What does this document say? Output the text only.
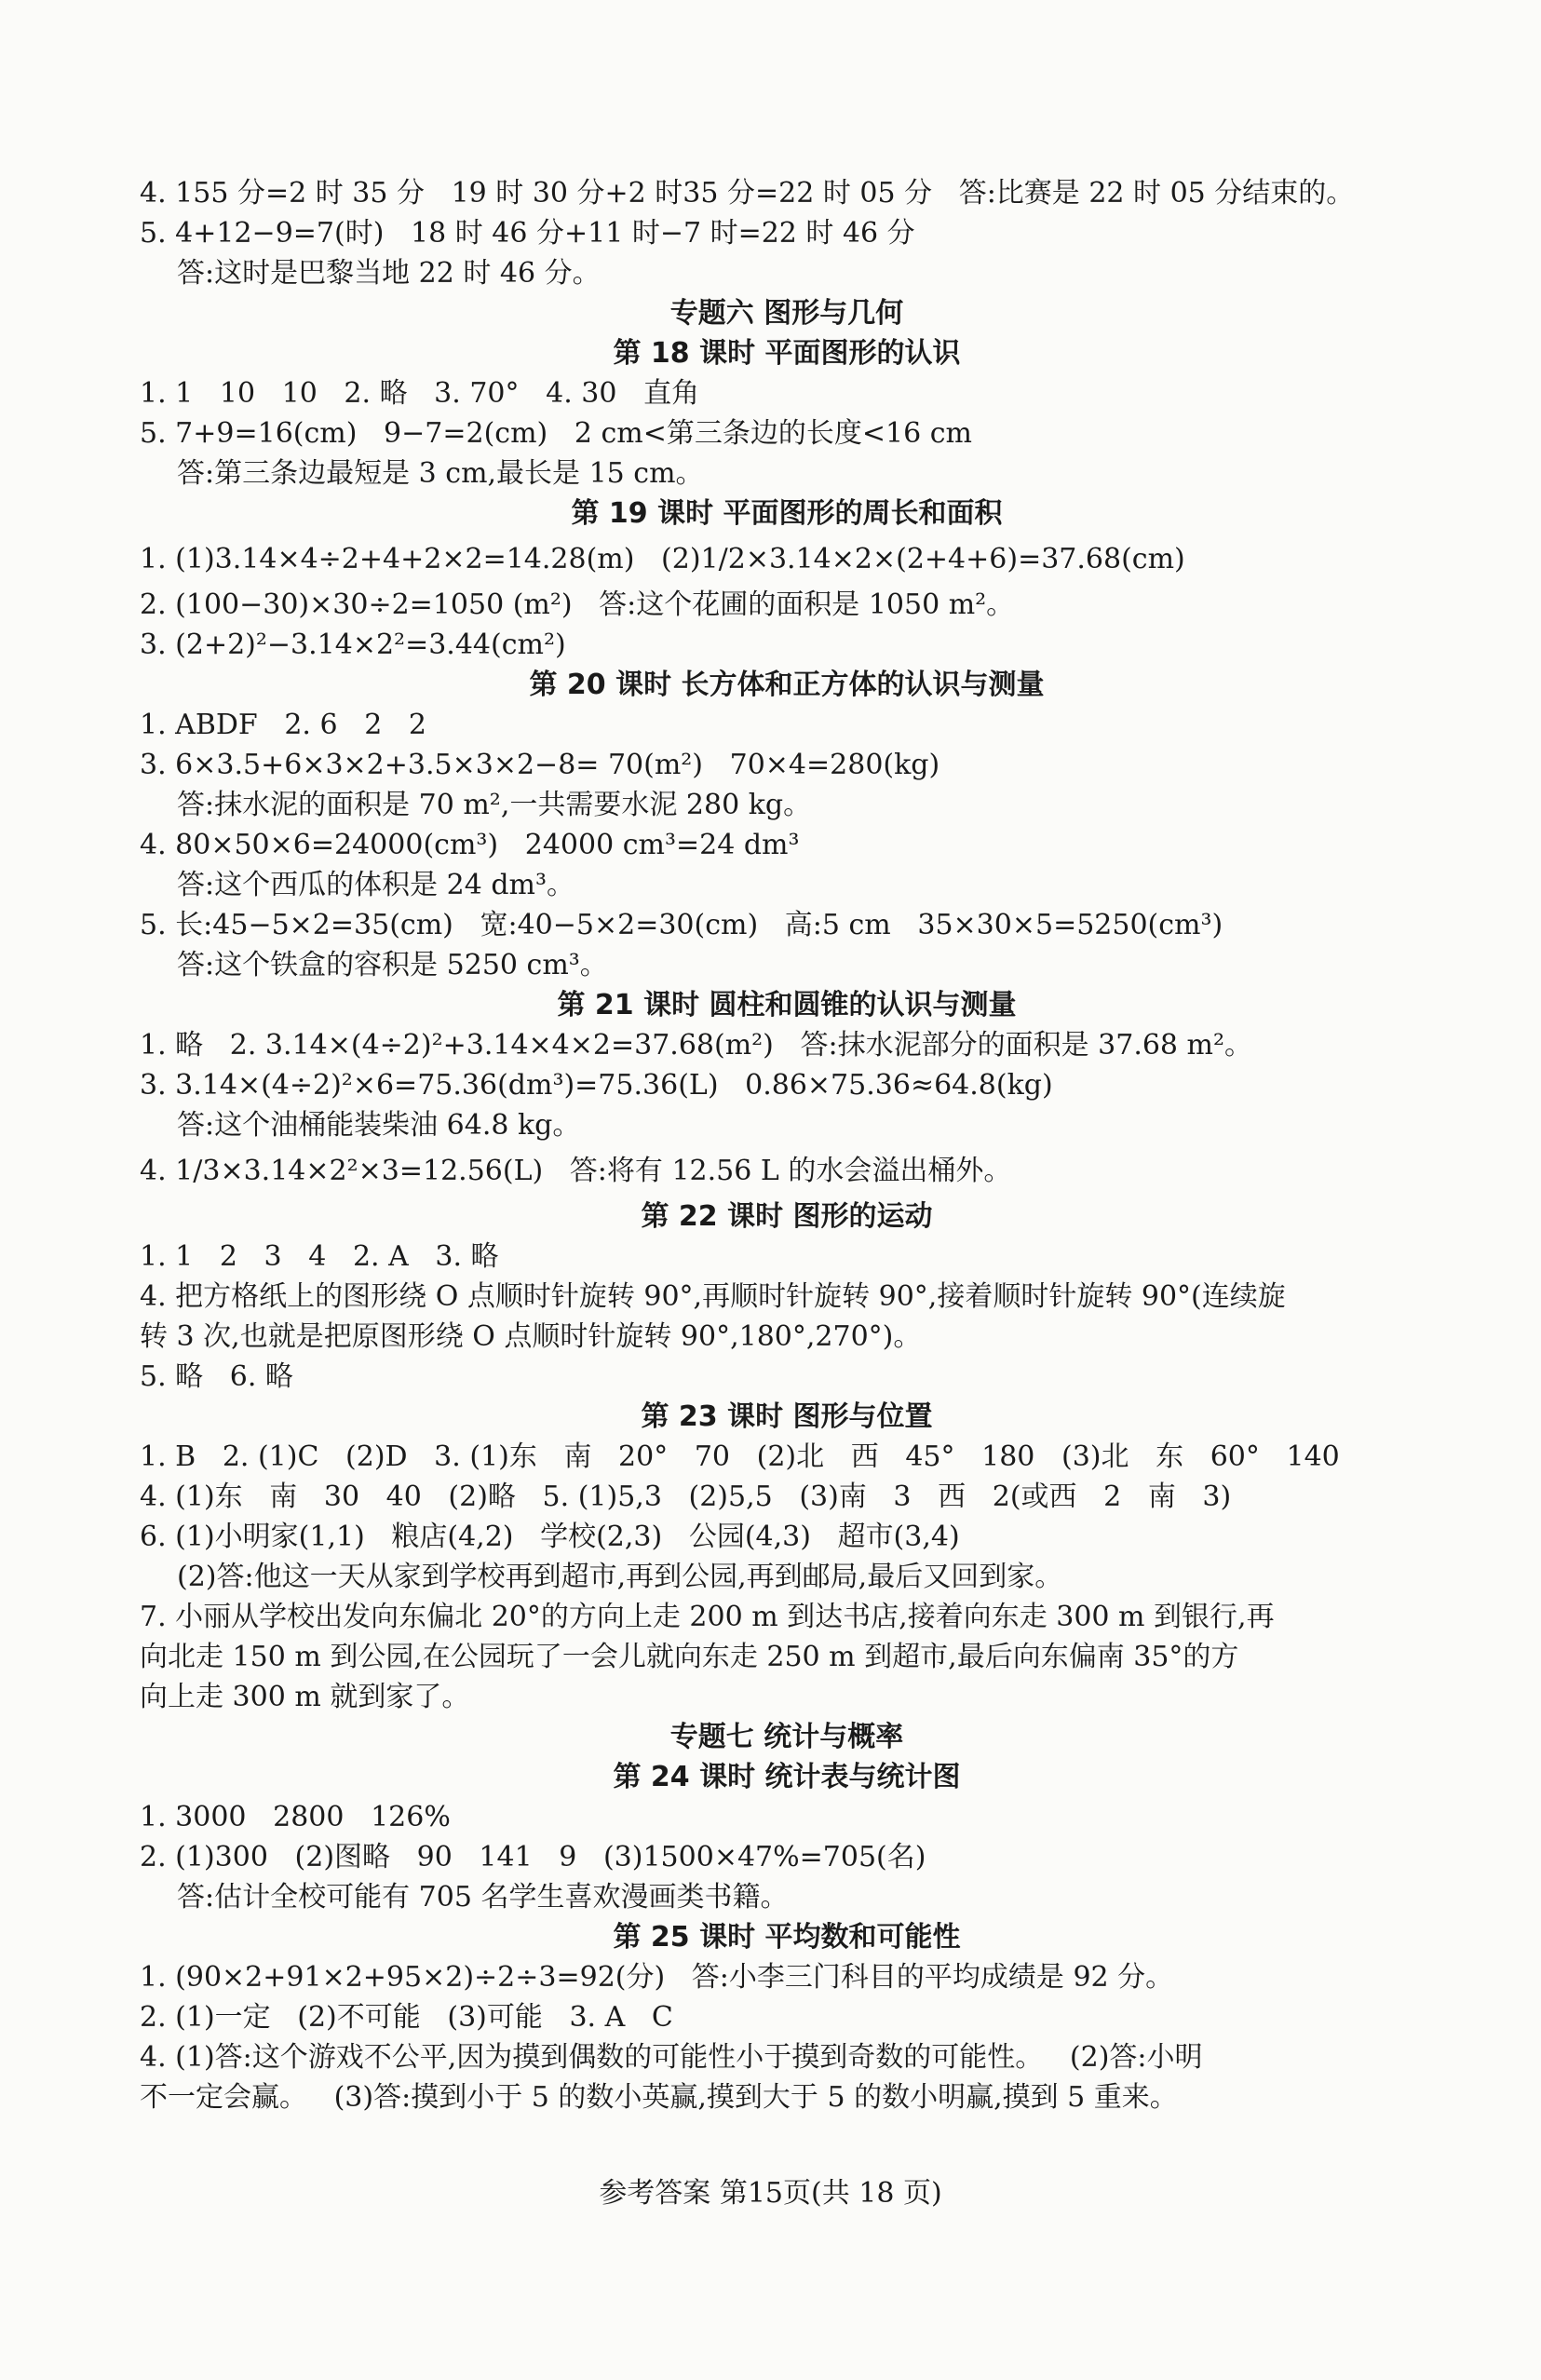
4. 155 分=2 时 35 分   19 时 30 分+2 时35 分=22 时 05 分   答:比赛是 22 时 05 分结束的。
5. 4+12−9=7(时)   18 时 46 分+11 时−7 时=22 时 46 分
答:这时是巴黎当地 22 时 46 分。
专题六 图形与几何
第 18 课时 平面图形的认识
1. 1   10   10   2. 略   3. 70°   4. 30   直角
5. 7+9=16(cm)   9−7=2(cm)   2 cm<第三条边的长度<16 cm
答:第三条边最短是 3 cm,最长是 15 cm。
第 19 课时 平面图形的周长和面积
1. (1)3.14×4÷2+4+2×2=14.28(m)   (2)1/2×3.14×2×(2+4+6)=37.68(cm)
2. (100−30)×30÷2=1050 (m²)   答:这个花圃的面积是 1050 m²。
3. (2+2)²−3.14×2²=3.44(cm²)
第 20 课时 长方体和正方体的认识与测量
1. ABDF   2. 6   2   2
3. 6×3.5+6×3×2+3.5×3×2−8= 70(m²)   70×4=280(kg)
答:抹水泥的面积是 70 m²,一共需要水泥 280 kg。
4. 80×50×6=24000(cm³)   24000 cm³=24 dm³
答:这个西瓜的体积是 24 dm³。
5. 长:45−5×2=35(cm)   宽:40−5×2=30(cm)   高:5 cm   35×30×5=5250(cm³)
答:这个铁盒的容积是 5250 cm³。
第 21 课时 圆柱和圆锥的认识与测量
1. 略   2. 3.14×(4÷2)²+3.14×4×2=37.68(m²)   答:抹水泥部分的面积是 37.68 m²。
3. 3.14×(4÷2)²×6=75.36(dm³)=75.36(L)   0.86×75.36≈64.8(kg)
答:这个油桶能装柴油 64.8 kg。
4. 1/3×3.14×2²×3=12.56(L)   答:将有 12.56 L 的水会溢出桶外。
第 22 课时 图形的运动
1. 1   2   3   4   2. A   3. 略
4. 把方格纸上的图形绕 O 点顺时针旋转 90°,再顺时针旋转 90°,接着顺时针旋转 90°(连续旋
转 3 次,也就是把原图形绕 O 点顺时针旋转 90°,180°,270°)。
5. 略   6. 略
第 23 课时 图形与位置
1. B   2. (1)C   (2)D   3. (1)东   南   20°   70   (2)北   西   45°   180   (3)北   东   60°   140
4. (1)东   南   30   40   (2)略   5. (1)5,3   (2)5,5   (3)南   3   西   2(或西   2   南   3)
6. (1)小明家(1,1)   粮店(4,2)   学校(2,3)   公园(4,3)   超市(3,4)
(2)答:他这一天从家到学校再到超市,再到公园,再到邮局,最后又回到家。
7. 小丽从学校出发向东偏北 20°的方向上走 200 m 到达书店,接着向东走 300 m 到银行,再
向北走 150 m 到公园,在公园玩了一会儿就向东走 250 m 到超市,最后向东偏南 35°的方
向上走 300 m 就到家了。
专题七 统计与概率
第 24 课时 统计表与统计图
1. 3000   2800   126%
2. (1)300   (2)图略   90   141   9   (3)1500×47%=705(名)
答:估计全校可能有 705 名学生喜欢漫画类书籍。
第 25 课时 平均数和可能性
1. (90×2+91×2+95×2)÷2÷3=92(分)   答:小李三门科目的平均成绩是 92 分。
2. (1)一定   (2)不可能   (3)可能   3. A   C
4. (1)答:这个游戏不公平,因为摸到偶数的可能性小于摸到奇数的可能性。   (2)答:小明
不一定会赢。   (3)答:摸到小于 5 的数小英赢,摸到大于 5 的数小明赢,摸到 5 重来。
参考答案 第15页(共 18 页)
